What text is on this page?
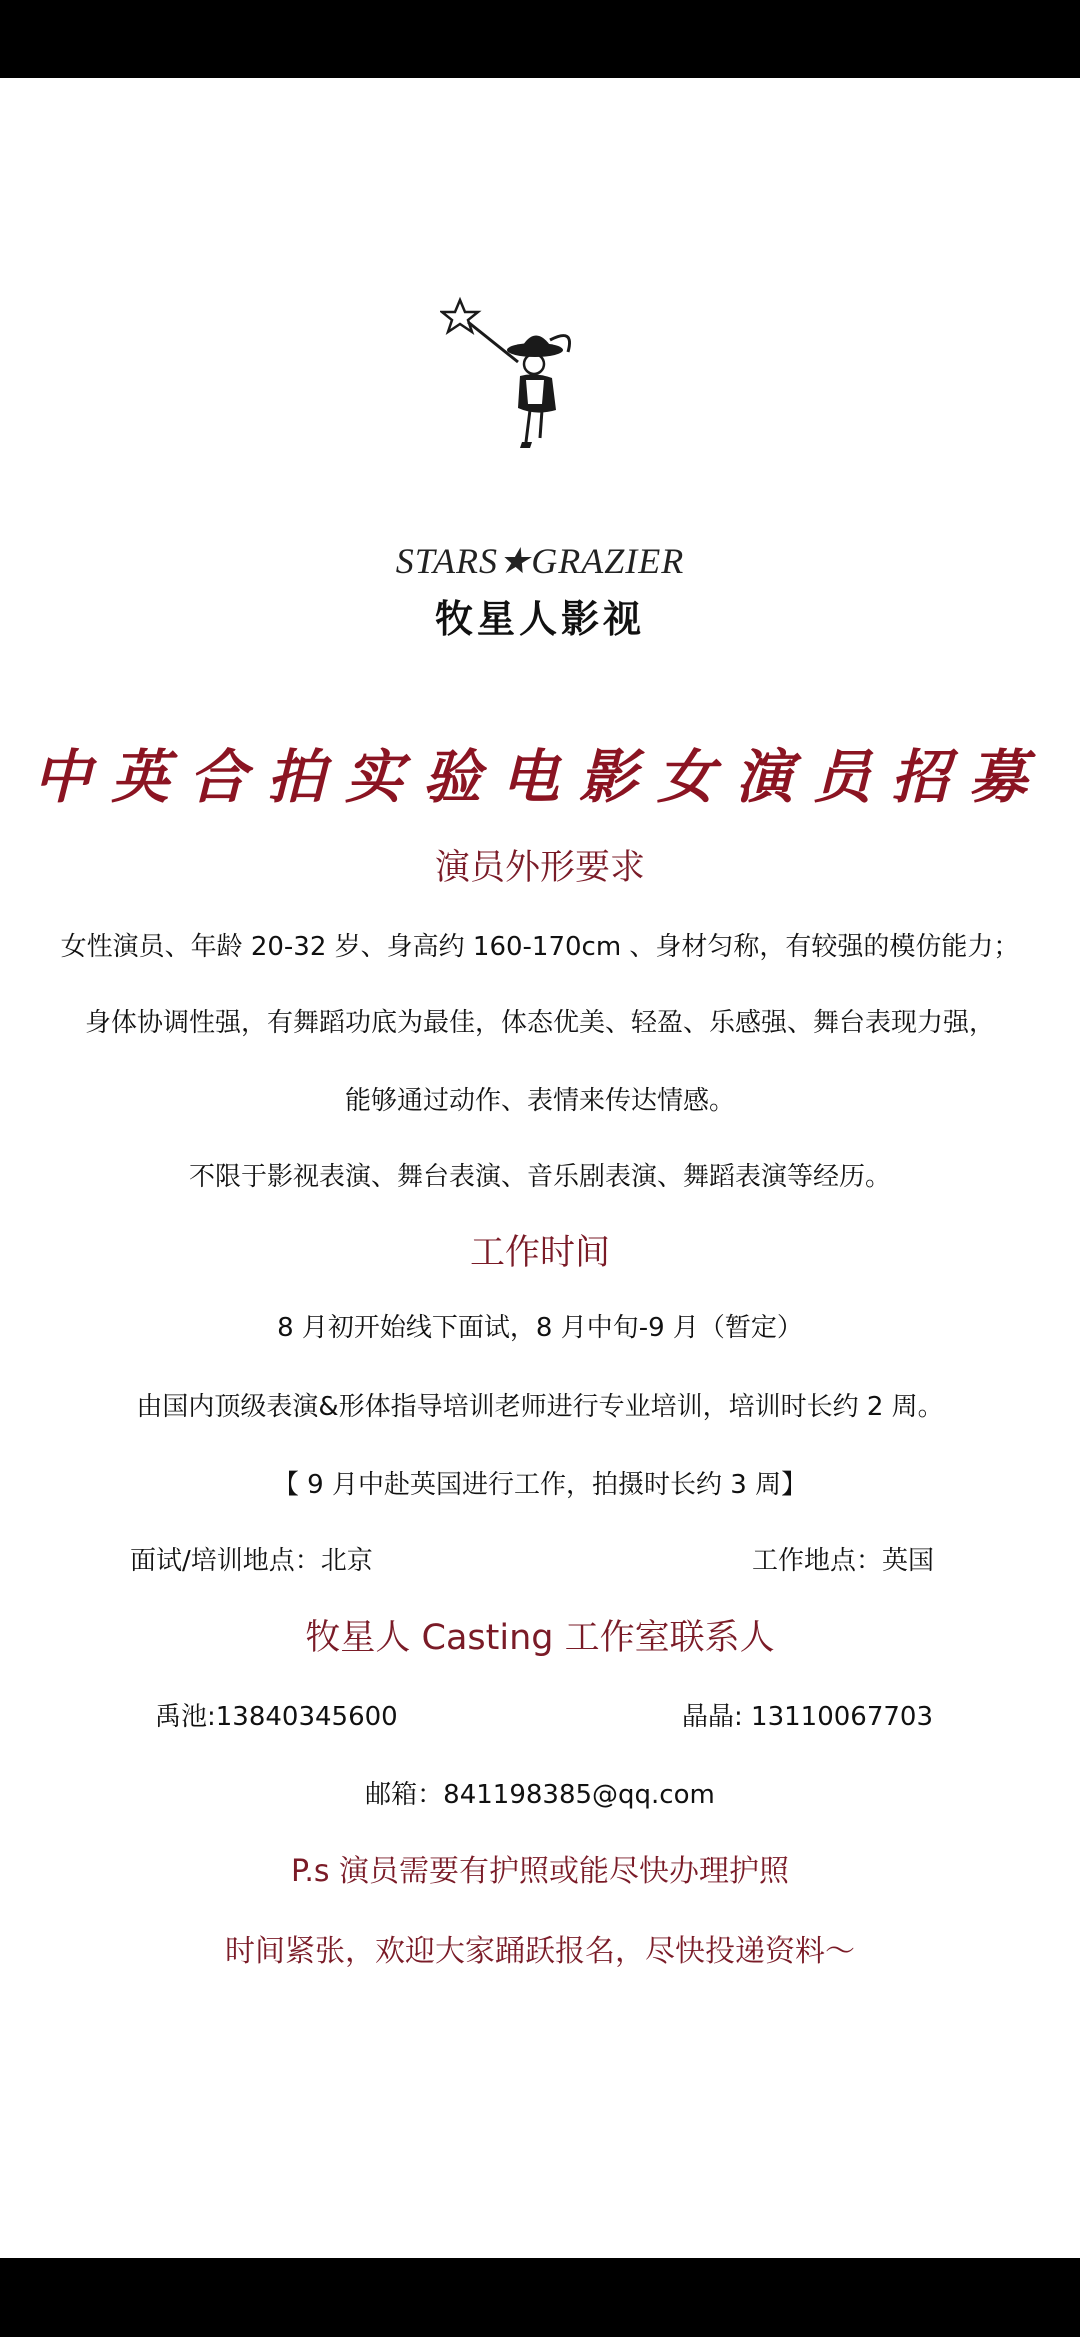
STARS★GRAZIER
牧星人影视
中英合拍实验电影女演员招募
演员外形要求
女性演员、年龄 20-32 岁、身高约 160-170cm 、身材匀称，有较强的模仿能力；
身体协调性强，有舞蹈功底为最佳，体态优美、轻盈、乐感强、舞台表现力强，
能够通过动作、表情来传达情感。
不限于影视表演、舞台表演、音乐剧表演、舞蹈表演等经历。
工作时间
8 月初开始线下面试，8 月中旬-9 月（暂定）
由国内顶级表演&形体指导培训老师进行专业培训，培训时长约 2 周。
【 9 月中赴英国进行工作，拍摄时长约 3 周】
面试/培训地点：北京	工作地点：英国
牧星人 Casting 工作室联系人
禹池:13840345600	晶晶: 13110067703
邮箱：841198385@qq.com
P.s 演员需要有护照或能尽快办理护照
时间紧张，欢迎大家踊跃报名，尽快投递资料～
